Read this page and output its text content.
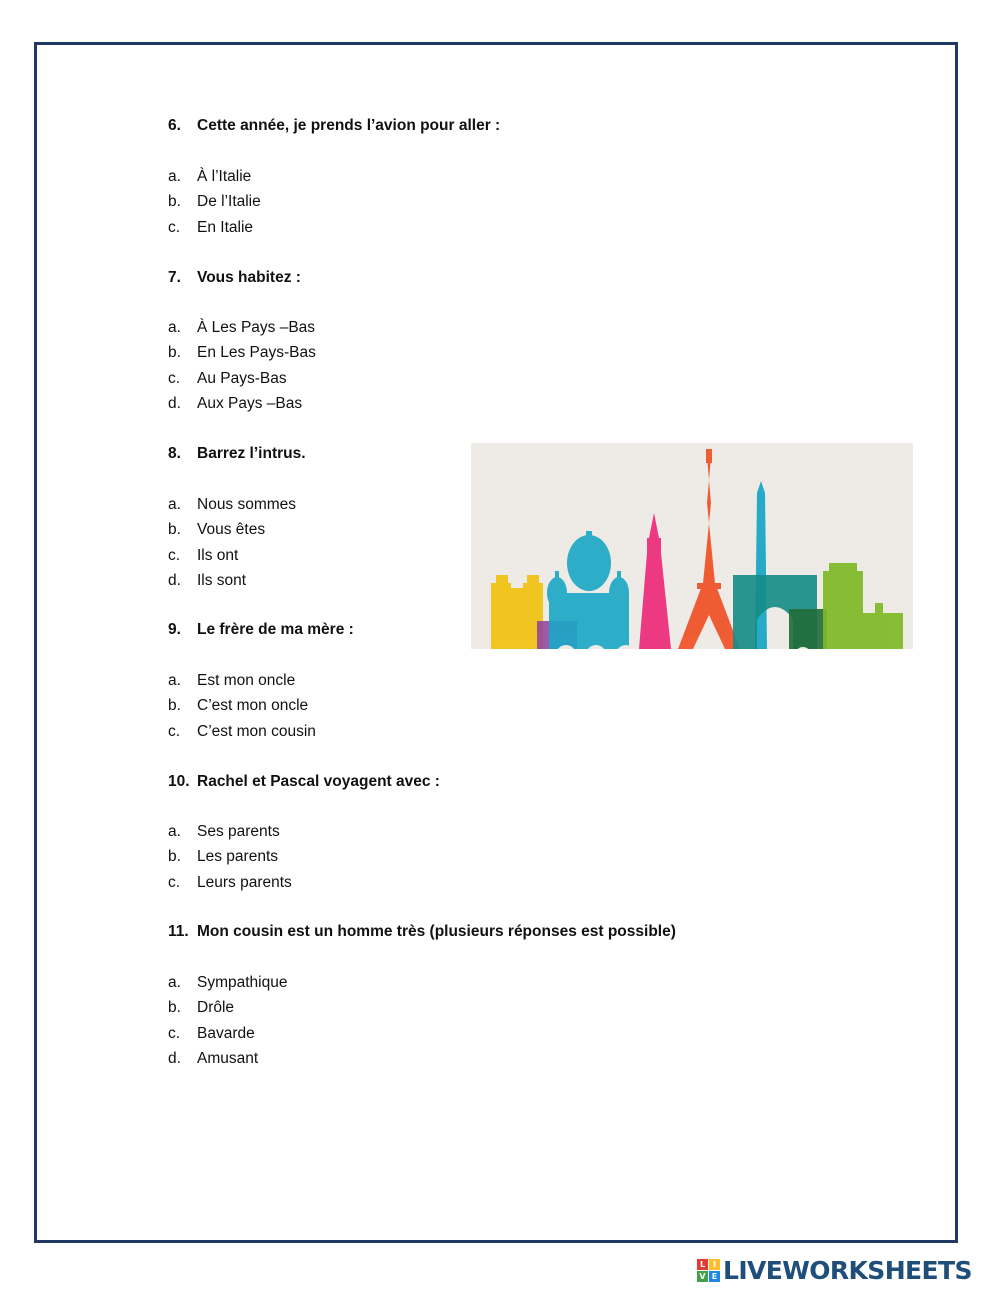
6. Cette année, je prends l’avion pour aller :

a. À l’Italie
b. De l’Italie
c. En Italie

7. Vous habitez :

a. À Les Pays –Bas
b. En Les Pays-Bas
c. Au Pays-Bas
d. Aux Pays –Bas

8. Barrez l’intrus.

a. Nous sommes
b. Vous êtes
c. Ils ont
d. Ils sont

9. Le frère de ma mère :

a. Est mon oncle
b. C’est mon oncle
c. C’est mon cousin

10. Rachel et Pascal voyagent avec :

a. Ses parents
b. Les parents
c. Leurs parents

11. Mon cousin est un homme très (plusieurs réponses est possible)

a. Sympathique
b. Drôle
c. Bavarde
d. Amusant
L I
V E LIVEWORKSHEETS
